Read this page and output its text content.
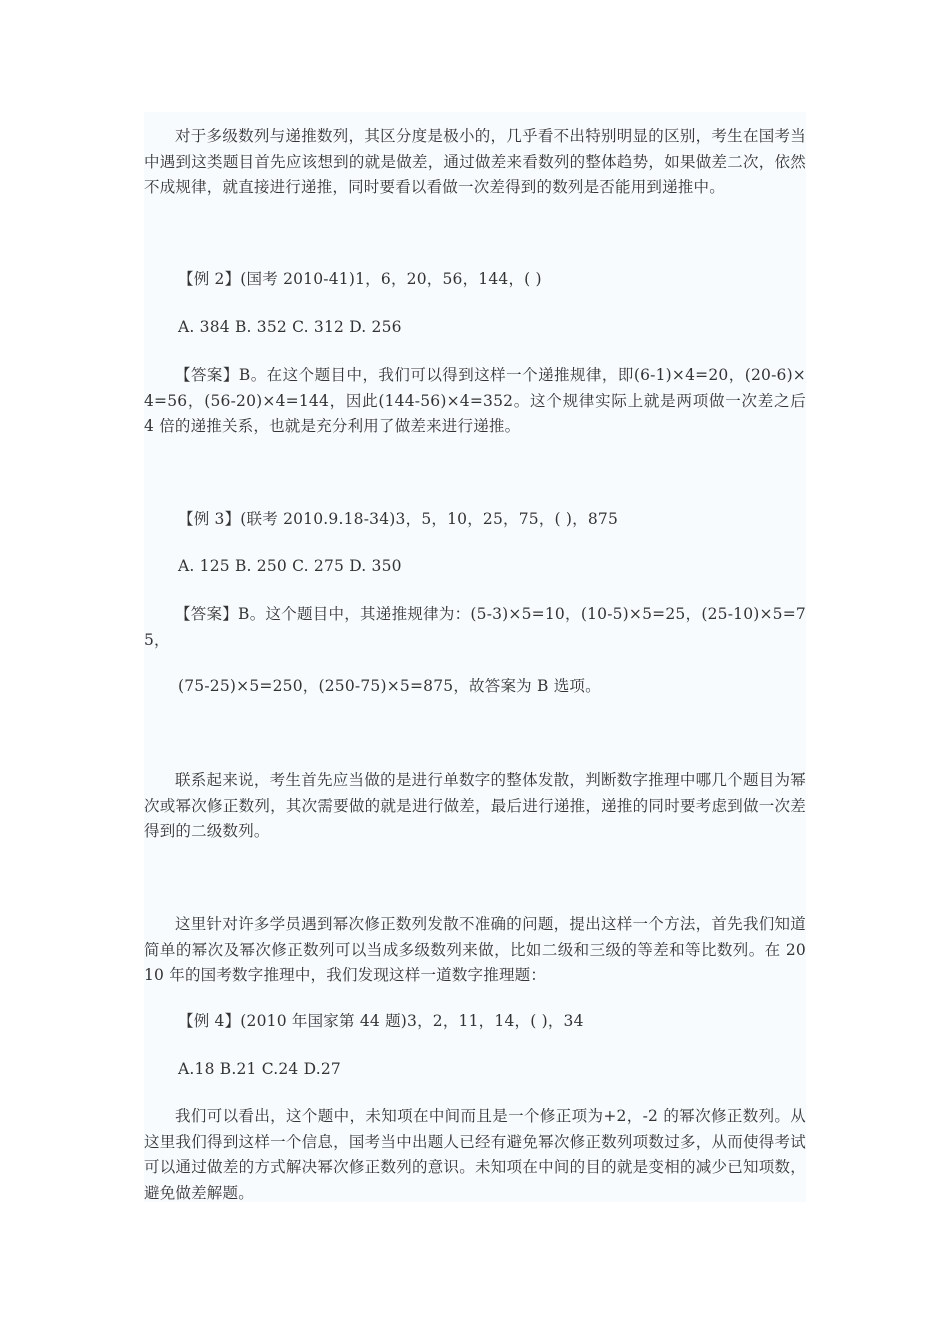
对于多级数列与递推数列，其区分度是极小的，几乎看不出特别明显的区别，考生在国考当中遇到这类题目首先应该想到的就是做差，通过做差来看数列的整体趋势，如果做差二次，依然不成规律，就直接进行递推，同时要看以看做一次差得到的数列是否能用到递推中。

【例 2】(国考 2010-41)1，6，20，56，144，( )

A. 384 B. 352 C. 312 D. 256

【答案】B。在这个题目中，我们可以得到这样一个递推规律，即(6-1)×4=20，(20-6)×4=56，(56-20)×4=144，因此(144-56)×4=352。这个规律实际上就是两项做一次差之后 4 倍的递推关系，也就是充分利用了做差来进行递推。

【例 3】(联考 2010.9.18-34)3，5，10，25，75，( )，875

A. 125 B. 250 C. 275 D. 350

【答案】B。这个题目中，其递推规律为：(5-3)×5=10，(10-5)×5=25，(25-10)×5=75，

(75-25)×5=250，(250-75)×5=875，故答案为 B 选项。

联系起来说，考生首先应当做的是进行单数字的整体发散，判断数字推理中哪几个题目为幂次或幂次修正数列，其次需要做的就是进行做差，最后进行递推，递推的同时要考虑到做一次差得到的二级数列。

这里针对许多学员遇到幂次修正数列发散不准确的问题，提出这样一个方法，首先我们知道简单的幂次及幂次修正数列可以当成多级数列来做，比如二级和三级的等差和等比数列。在 2010 年的国考数字推理中，我们发现这样一道数字推理题：

【例 4】(2010 年国家第 44 题)3，2，11，14，( )，34

A.18 B.21 C.24 D.27

我们可以看出，这个题中，未知项在中间而且是一个修正项为+2，-2 的幂次修正数列。从这里我们得到这样一个信息，国考当中出题人已经有避免幂次修正数列项数过多，从而使得考试可以通过做差的方式解决幂次修正数列的意识。未知项在中间的目的就是变相的减少已知项数，避免做差解题。
